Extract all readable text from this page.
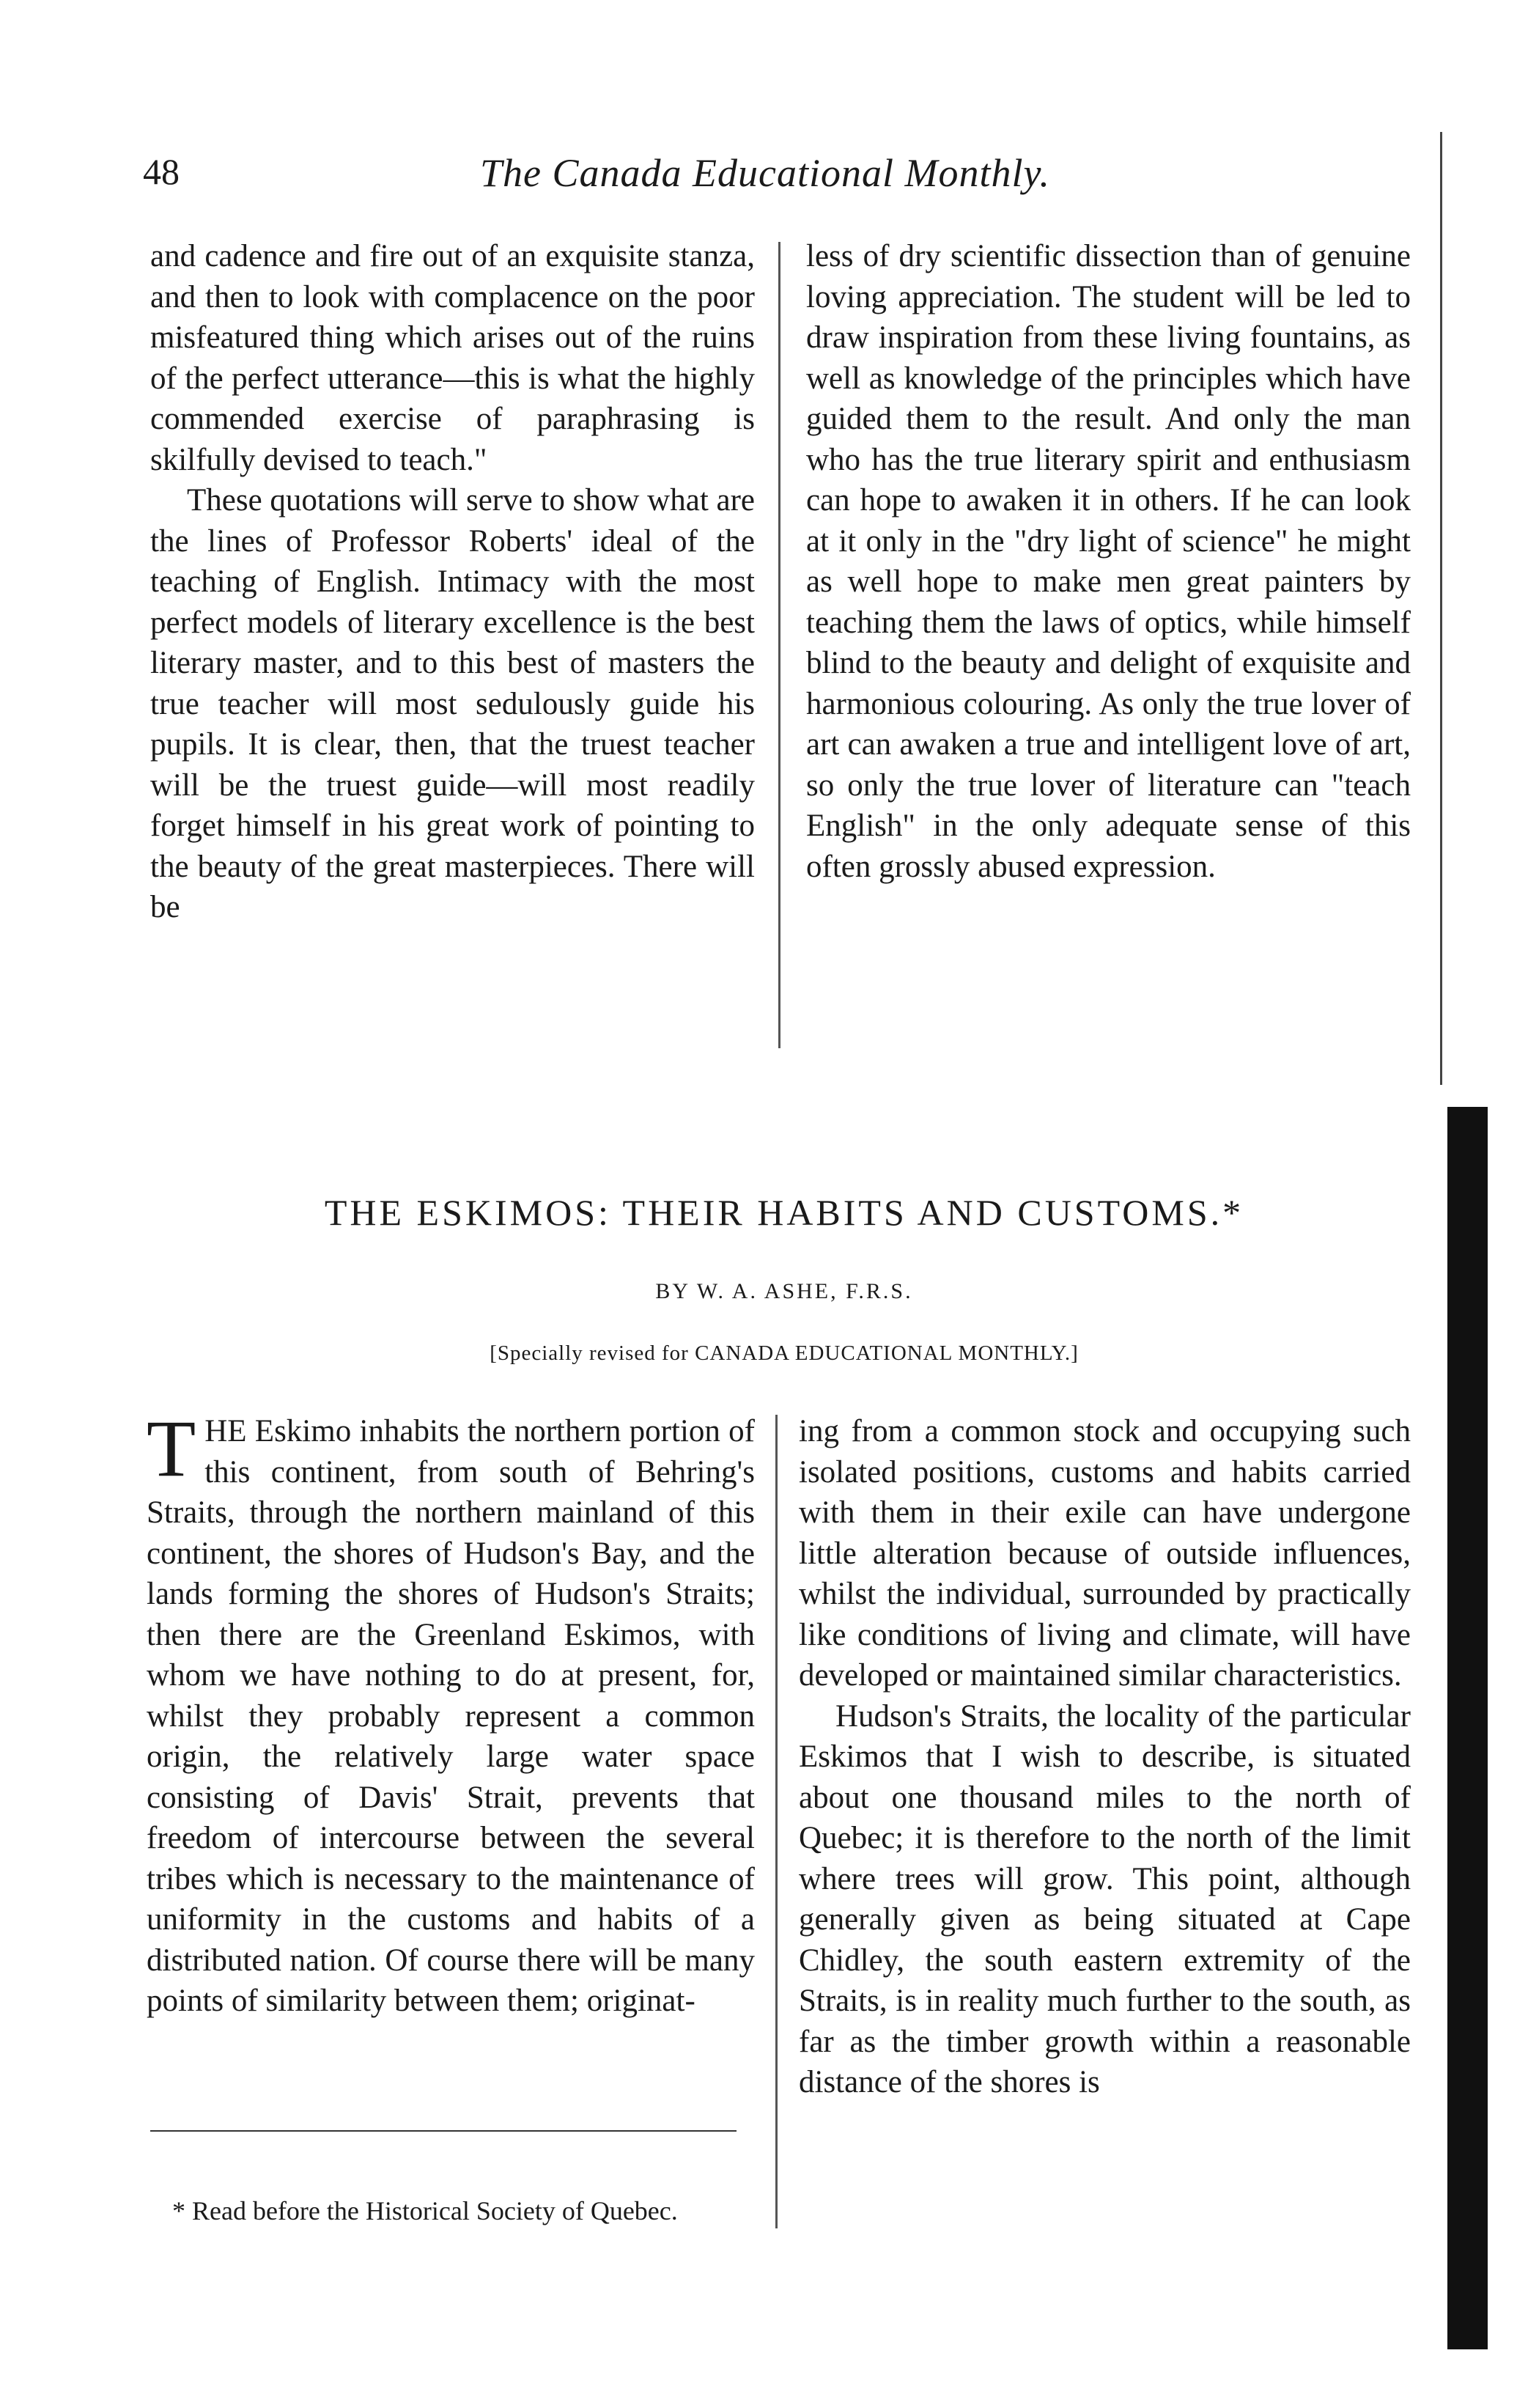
48	The Canada Educational Monthly.

and cadence and fire out of an exquisite stanza, and then to look with complacence on the poor misfeatured thing which arises out of the ruins of the perfect utterance—this is what the highly commended exercise of paraphrasing is skilfully devised to teach."

These quotations will serve to show what are the lines of Professor Roberts' ideal of the teaching of English. Intimacy with the most perfect models of literary excellence is the best literary master, and to this best of masters the true teacher will most sedulously guide his pupils. It is clear, then, that the truest teacher will be the truest guide—will most readily forget himself in his great work of pointing to the beauty of the great masterpieces. There will be

less of dry scientific dissection than of genuine loving appreciation. The student will be led to draw inspiration from these living fountains, as well as knowledge of the principles which have guided them to the result. And only the man who has the true literary spirit and enthusiasm can hope to awaken it in others. If he can look at it only in the "dry light of science" he might as well hope to make men great painters by teaching them the laws of optics, while himself blind to the beauty and delight of exquisite and harmonious colouring. As only the true lover of art can awaken a true and intelligent love of art, so only the true lover of literature can "teach English" in the only adequate sense of this often grossly abused expression.

THE ESKIMOS: THEIR HABITS AND CUSTOMS.*
BY W. A. ASHE, F.R.S.
[Specially revised for CANADA EDUCATIONAL MONTHLY.]

THE Eskimo inhabits the northern portion of this continent, from south of Behring's Straits, through the northern mainland of this continent, the shores of Hudson's Bay, and the lands forming the shores of Hudson's Straits; then there are the Greenland Eskimos, with whom we have nothing to do at present, for, whilst they probably represent a common origin, the relatively large water space consisting of Davis' Strait, prevents that freedom of intercourse between the several tribes which is necessary to the maintenance of uniformity in the customs and habits of a distributed nation. Of course there will be many points of similarity between them; originat-

ing from a common stock and occupying such isolated positions, customs and habits carried with them in their exile can have undergone little alteration because of outside influences, whilst the individual, surrounded by practically like conditions of living and climate, will have developed or maintained similar characteristics.

Hudson's Straits, the locality of the particular Eskimos that I wish to describe, is situated about one thousand miles to the north of Quebec; it is therefore to the north of the limit where trees will grow. This point, although generally given as being situated at Cape Chidley, the south eastern extremity of the Straits, is in reality much further to the south, as far as the timber growth within a reasonable distance of the shores is

* Read before the Historical Society of Quebec.
